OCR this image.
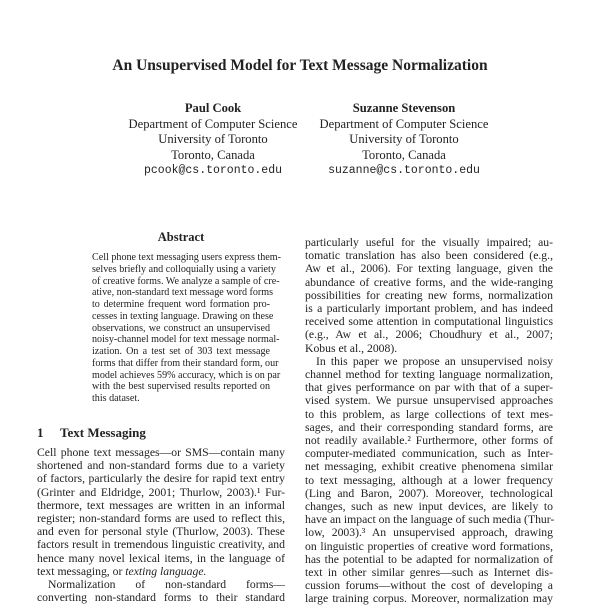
An Unsupervised Model for Text Message Normalization
Paul Cook
Department of Computer Science
University of Toronto
Toronto, Canada
pcook@cs.toronto.edu
Suzanne Stevenson
Department of Computer Science
University of Toronto
Toronto, Canada
suzanne@cs.toronto.edu
Abstract
Cell phone text messaging users express them-
selves briefly and colloquially using a variety
of creative forms. We analyze a sample of cre-
ative, non-standard text message word forms
to determine frequent word formation pro-
cesses in texting language. Drawing on these
observations, we construct an unsupervised
noisy-channel model for text message normal-
ization. On a test set of 303 text message
forms that differ from their standard form, our
model achieves 59% accuracy, which is on par
with the best supervised results reported on
this dataset.
1 Text Messaging
Cell phone text messages—or SMS—contain many
shortened and non-standard forms due to a variety
of factors, particularly the desire for rapid text entry
(Grinter and Eldridge, 2001; Thurlow, 2003).¹ Fur-
thermore, text messages are written in an informal
register; non-standard forms are used to reflect this,
and even for personal style (Thurlow, 2003). These
factors result in tremendous linguistic creativity, and
hence many novel lexical items, in the language of
text messaging, or texting language.
Normalization of non-standard forms—
converting non-standard forms to their standard
particularly useful for the visually impaired; au-
tomatic translation has also been considered (e.g.,
Aw et al., 2006). For texting language, given the
abundance of creative forms, and the wide-ranging
possibilities for creating new forms, normalization
is a particularly important problem, and has indeed
received some attention in computational linguistics
(e.g., Aw et al., 2006; Choudhury et al., 2007;
Kobus et al., 2008).
In this paper we propose an unsupervised noisy
channel method for texting language normalization,
that gives performance on par with that of a super-
vised system. We pursue unsupervised approaches
to this problem, as large collections of text mes-
sages, and their corresponding standard forms, are
not readily available.² Furthermore, other forms of
computer-mediated communication, such as Inter-
net messaging, exhibit creative phenomena similar
to text messaging, although at a lower frequency
(Ling and Baron, 2007). Moreover, technological
changes, such as new input devices, are likely to
have an impact on the language of such media (Thur-
low, 2003).³ An unsupervised approach, drawing
on linguistic properties of creative word formations,
has the potential to be adapted for normalization of
text in other similar genres—such as Internet dis-
cussion forums—without the cost of developing a
large training corpus. Moreover, normalization may
